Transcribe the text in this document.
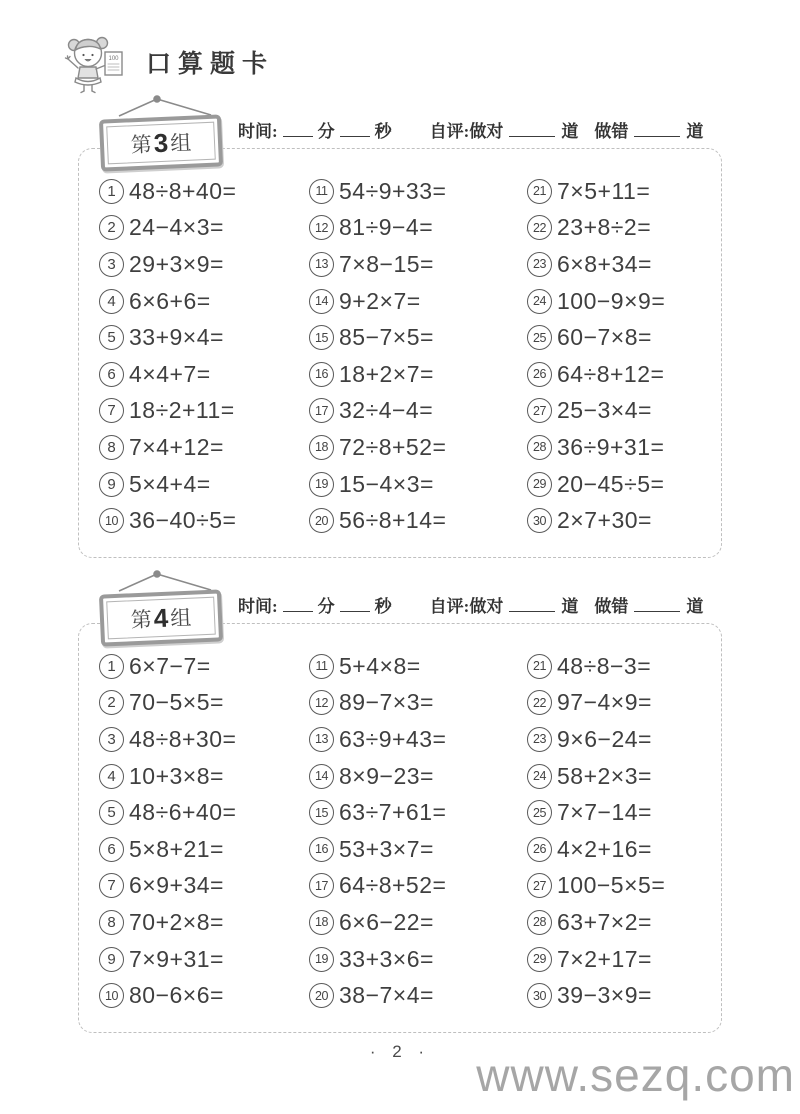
100 口算题卡
第 3 组	时间: 分 秒 自评:做对	道 做错	道
1 48÷8+40=
2 24−4×3=
3 29+3×9=
4 6×6+6=
5 33+9×4=
6 4×4+7=
7 18÷2+11=
8 7×4+12=
9 5×4+4=
10 36−40÷5=
11 54÷9+33=
12 81÷9−4=
13 7×8−15=
14 9+2×7=
15 85−7×5=
16 18+2×7=
17 32÷4−4=
18 72÷8+52=
19 15−4×3=
20 56÷8+14=
21 7×5+11=
22 23+8÷2=
23 6×8+34=
24 100−9×9=
25 60−7×8=
26 64÷8+12=
27 25−3×4=
28 36÷9+31=
29 20−45÷5=
30 2×7+30=
第 4 组	时间: 分 秒 自评:做对	道 做错	道
1 6×7−7=
2 70−5×5=
3 48÷8+30=
4 10+3×8=
5 48÷6+40=
6 5×8+21=
7 6×9+34=
8 70+2×8=
9 7×9+31=
10 80−6×6=
11 5+4×8=
12 89−7×3=
13 63÷9+43=
14 8×9−23=
15 63÷7+61=
16 53+3×7=
17 64÷8+52=
18 6×6−22=
19 33+3×6=
20 38−7×4=
21 48÷8−3=
22 97−4×9=
23 9×6−24=
24 58+2×3=
25 7×7−14=
26 4×2+16=
27 100−5×5=
28 63+7×2=
29 7×2+17=
30 39−3×9=
· 2 ·	www.sezq.com
